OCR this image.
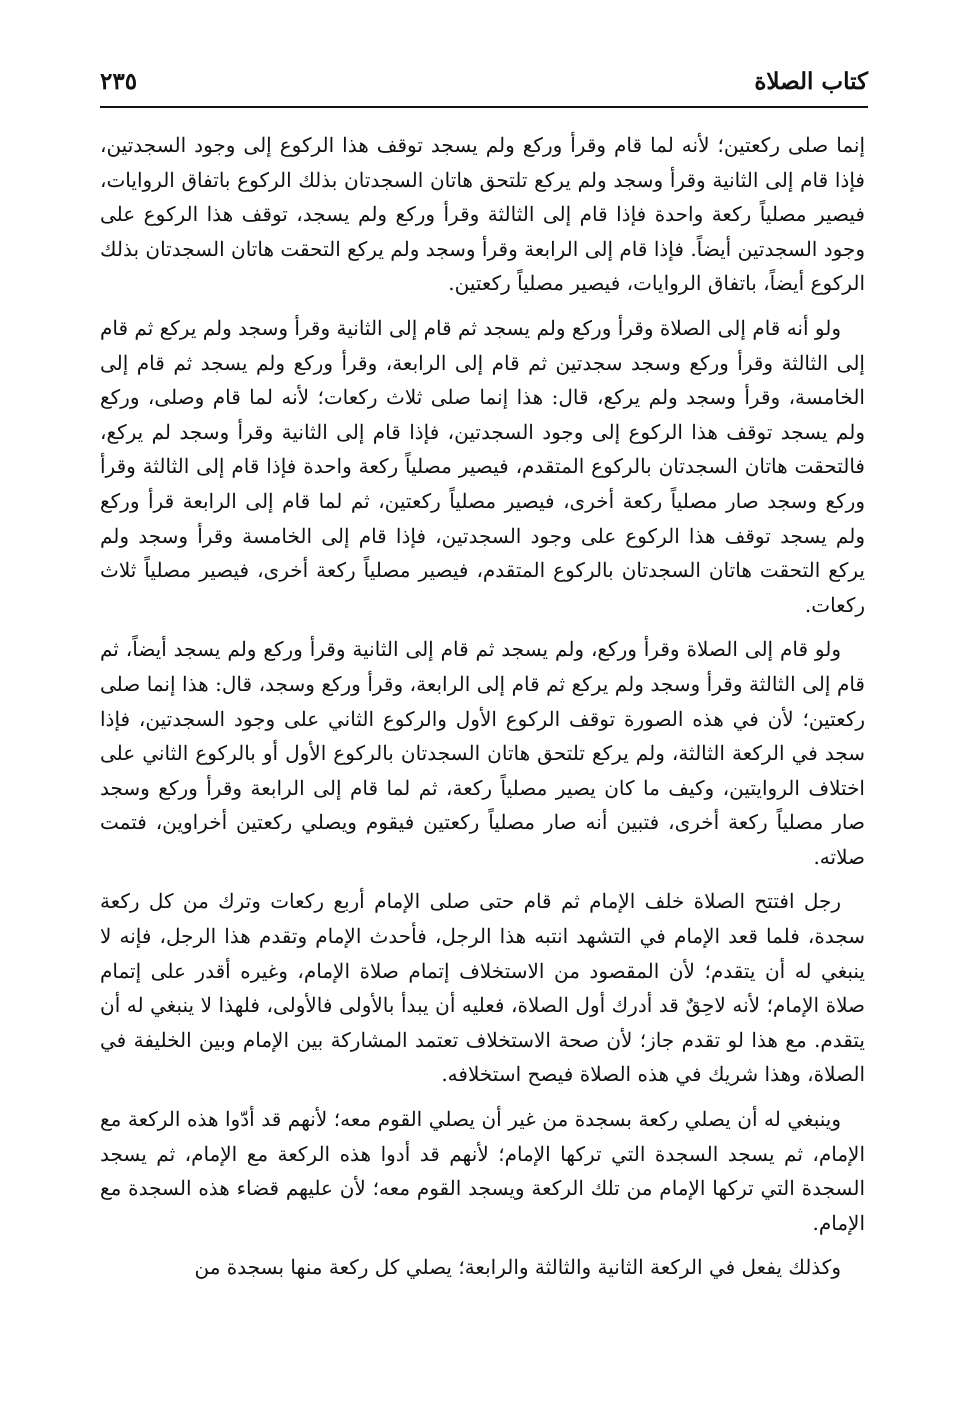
كتاب الصلاة
٢٣٥

إنما صلى ركعتين؛ لأنه لما قام وقرأ وركع ولم يسجد توقف هذا الركوع إلى وجود السجدتين، فإذا قام إلى الثانية وقرأ وسجد ولم يركع تلتحق هاتان السجدتان بذلك الركوع باتفاق الروايات، فيصير مصلياً ركعة واحدة فإذا قام إلى الثالثة وقرأ وركع ولم يسجد، توقف هذا الركوع على وجود السجدتين أيضاً. فإذا قام إلى الرابعة وقرأ وسجد ولم يركع التحقت هاتان السجدتان بذلك الركوع أيضاً، باتفاق الروايات، فيصير مصلياً ركعتين.

ولو أنه قام إلى الصلاة وقرأ وركع ولم يسجد ثم قام إلى الثانية وقرأ وسجد ولم يركع ثم قام إلى الثالثة وقرأ وركع وسجد سجدتين ثم قام إلى الرابعة، وقرأ وركع ولم يسجد ثم قام إلى الخامسة، وقرأ وسجد ولم يركع، قال: هذا إنما صلى ثلاث ركعات؛ لأنه لما قام وصلى، وركع ولم يسجد توقف هذا الركوع إلى وجود السجدتين، فإذا قام إلى الثانية وقرأ وسجد لم يركع، فالتحقت هاتان السجدتان بالركوع المتقدم، فيصير مصلياً ركعة واحدة فإذا قام إلى الثالثة وقرأ وركع وسجد صار مصلياً ركعة أخرى، فيصير مصلياً ركعتين، ثم لما قام إلى الرابعة قرأ وركع ولم يسجد توقف هذا الركوع على وجود السجدتين، فإذا قام إلى الخامسة وقرأ وسجد ولم يركع التحقت هاتان السجدتان بالركوع المتقدم، فيصير مصلياً ركعة أخرى، فيصير مصلياً ثلاث ركعات.

ولو قام إلى الصلاة وقرأ وركع، ولم يسجد ثم قام إلى الثانية وقرأ وركع ولم يسجد أيضاً، ثم قام إلى الثالثة وقرأ وسجد ولم يركع ثم قام إلى الرابعة، وقرأ وركع وسجد، قال: هذا إنما صلى ركعتين؛ لأن في هذه الصورة توقف الركوع الأول والركوع الثاني على وجود السجدتين، فإذا سجد في الركعة الثالثة، ولم يركع تلتحق هاتان السجدتان بالركوع الأول أو بالركوع الثاني على اختلاف الروايتين، وكيف ما كان يصير مصلياً ركعة، ثم لما قام إلى الرابعة وقرأ وركع وسجد صار مصلياً ركعة أخرى، فتبين أنه صار مصلياً ركعتين فيقوم ويصلي ركعتين أخراوين، فتمت صلاته.

رجل افتتح الصلاة خلف الإمام ثم قام حتى صلى الإمام أربع ركعات وترك من كل ركعة سجدة، فلما قعد الإمام في التشهد انتبه هذا الرجل، فأحدث الإمام وتقدم هذا الرجل، فإنه لا ينبغي له أن يتقدم؛ لأن المقصود من الاستخلاف إتمام صلاة الإمام، وغيره أقدر على إتمام صلاة الإمام؛ لأنه لاحِقٌ قد أدرك أول الصلاة، فعليه أن يبدأ بالأولى فالأولى، فلهذا لا ينبغي له أن يتقدم. مع هذا لو تقدم جاز؛ لأن صحة الاستخلاف تعتمد المشاركة بين الإمام وبين الخليفة في الصلاة، وهذا شريك في هذه الصلاة فيصح استخلافه.

وينبغي له أن يصلي ركعة بسجدة من غير أن يصلي القوم معه؛ لأنهم قد أدّوا هذه الركعة مع الإمام، ثم يسجد السجدة التي تركها الإمام؛ لأنهم قد أدوا هذه الركعة مع الإمام، ثم يسجد السجدة التي تركها الإمام من تلك الركعة ويسجد القوم معه؛ لأن عليهم قضاء هذه السجدة مع الإمام.

وكذلك يفعل في الركعة الثانية والثالثة والرابعة؛ يصلي كل ركعة منها بسجدة من
